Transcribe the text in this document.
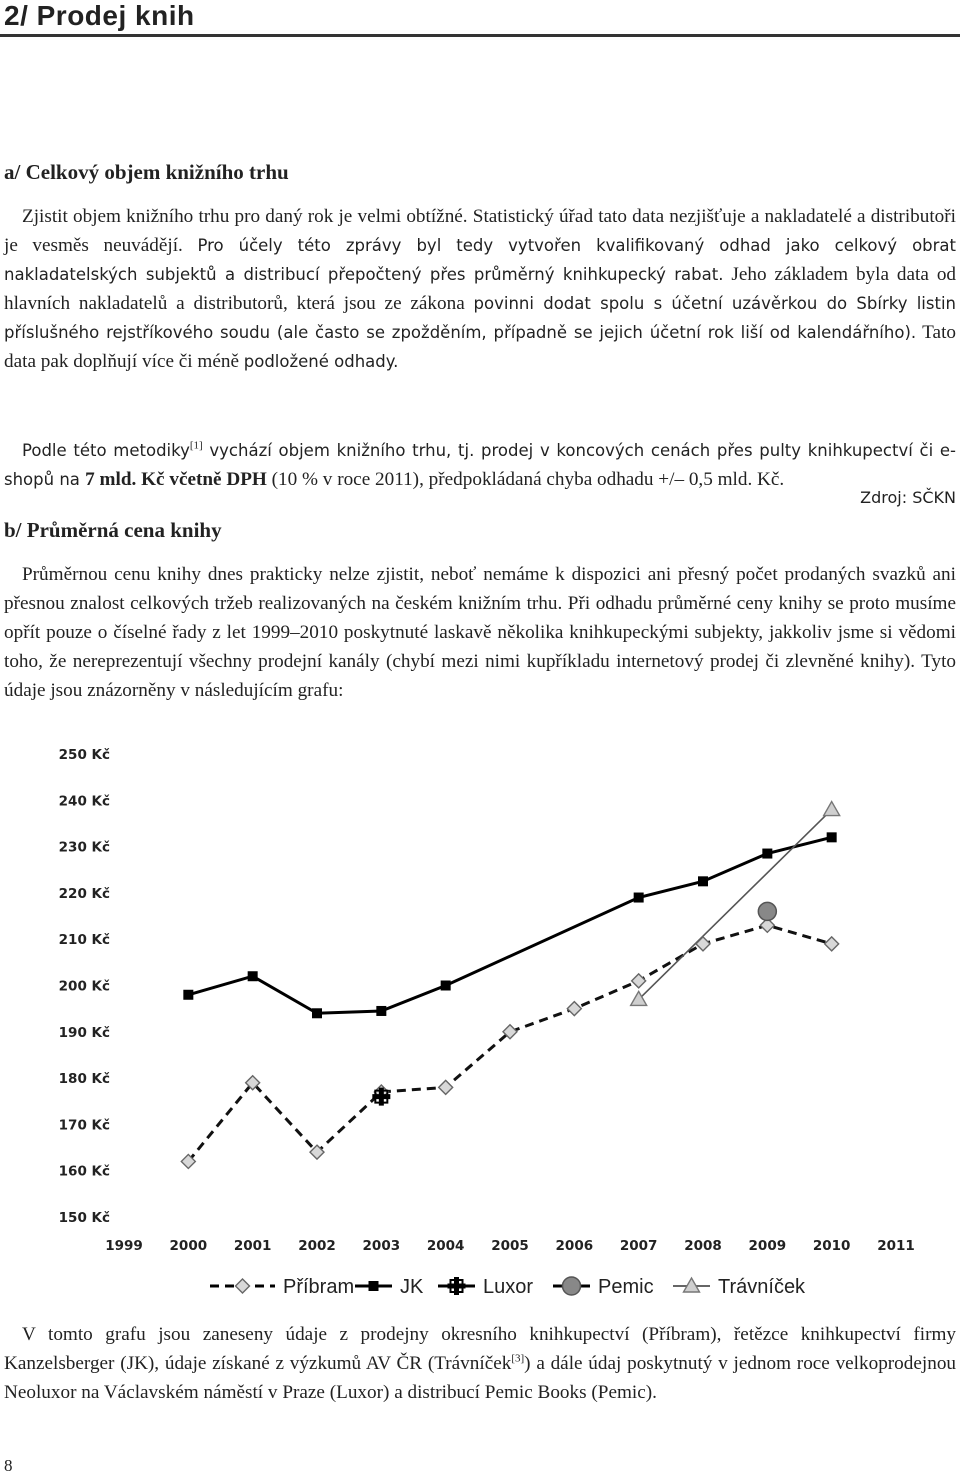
2/ Prodej knih
a/ Celkový objem knižního trhu

Zjistit objem knižního trhu pro daný rok je velmi obtížné. Statistický úřad tato data nezjišťuje a nakladatelé a distributoři je vesměs neuvádějí. Pro účely této zprávy byl tedy vytvořen kvalifikovaný odhad jako celkový obrat nakladatelských subjektů a distribucí přepočtený přes průměrný knihkupecký rabat. Jeho základem byla data od hlavních nakladatelů a distributorů, která jsou ze zákona povinni dodat spolu s účetní uzávěrkou do Sbírky listin příslušného rejstříkového soudu (ale často se zpožděním, případně se jejich účetní rok liší od kalendářního). Tato data pak doplňují více či méně podložené odhady.

Podle této metodiky[1] vychází objem knižního trhu, tj. prodej v koncových cenách přes pulty knihkupectví či e-shopů na 7 mld. Kč včetně DPH (10 % v roce 2011), předpokládaná chyba odhadu +/– 0,5 mld. Kč.

Zdroj: SČKN
b/ Průměrná cena knihy

Průměrnou cenu knihy dnes prakticky nelze zjistit, neboť nemáme k dispozici ani přesný počet prodaných svazků ani přesnou znalost celkových tržeb realizovaných na českém knižním trhu. Při odhadu průměrné ceny knihy se proto musíme opřít pouze o číselné řady z let 1999–2010 poskytnuté laskavě několika knihkupeckými subjekty, jakkoliv jsme si vědomi toho, že nereprezentují všechny prodejní kanály (chybí mezi nimi kupříkladu internetový prodej či zlevněné knihy). Tyto údaje jsou znázorněny v následujícím grafu:

150 Kč
160 Kč
170 Kč
180 Kč
190 Kč
200 Kč
210 Kč
220 Kč
230 Kč
240 Kč
250 Kč
1999 2000 2001 2002 2003 2004 2005 2006 2007 2008 2009 2010 2011
Příbram JK	Luxor	Pemic	Trávníček

V tomto grafu jsou zaneseny údaje z prodejny okresního knihkupectví (Příbram), řetězce knihkupectví firmy Kanzelsberger (JK), údaje získané z výzkumů AV ČR (Trávníček[3]) a dále údaj poskytnutý v jednom roce velkoprodejnou Neoluxor na Václavském náměstí v Praze (Luxor) a distribucí Pemic Books (Pemic).

8
